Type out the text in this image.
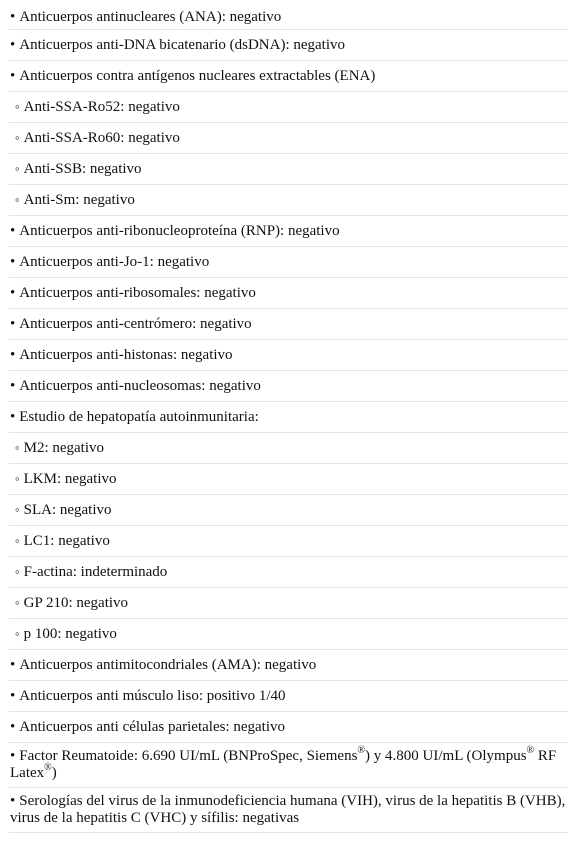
• Anticuerpos antinucleares (ANA): negativo
• Anticuerpos anti-DNA bicatenario (dsDNA): negativo
• Anticuerpos contra antígenos nucleares extractables (ENA)
◦ Anti-SSA-Ro52: negativo
◦ Anti-SSA-Ro60: negativo
◦ Anti-SSB: negativo
◦ Anti-Sm: negativo
• Anticuerpos anti-ribonucleoproteína (RNP): negativo
• Anticuerpos anti-Jo-1: negativo
• Anticuerpos anti-ribosomales: negativo
• Anticuerpos anti-centrómero: negativo
• Anticuerpos anti-histonas: negativo
• Anticuerpos anti-nucleosomas: negativo
• Estudio de hepatopatía autoinmunitaria:
◦ M2: negativo
◦ LKM: negativo
◦ SLA: negativo
◦ LC1: negativo
◦ F-actina: indeterminado
◦ GP 210: negativo
◦ p 100: negativo
• Anticuerpos antimitocondriales (AMA): negativo
• Anticuerpos anti músculo liso: positivo 1/40
• Anticuerpos anti células parietales: negativo
• Factor Reumatoide: 6.690 UI/mL (BNProSpec, Siemens®) y 4.800 UI/mL (Olympus® RF Latex®)
• Serologías del virus de la inmunodeficiencia humana (VIH), virus de la hepatitis B (VHB), virus de la hepatitis C (VHC) y sífilis: negativas
